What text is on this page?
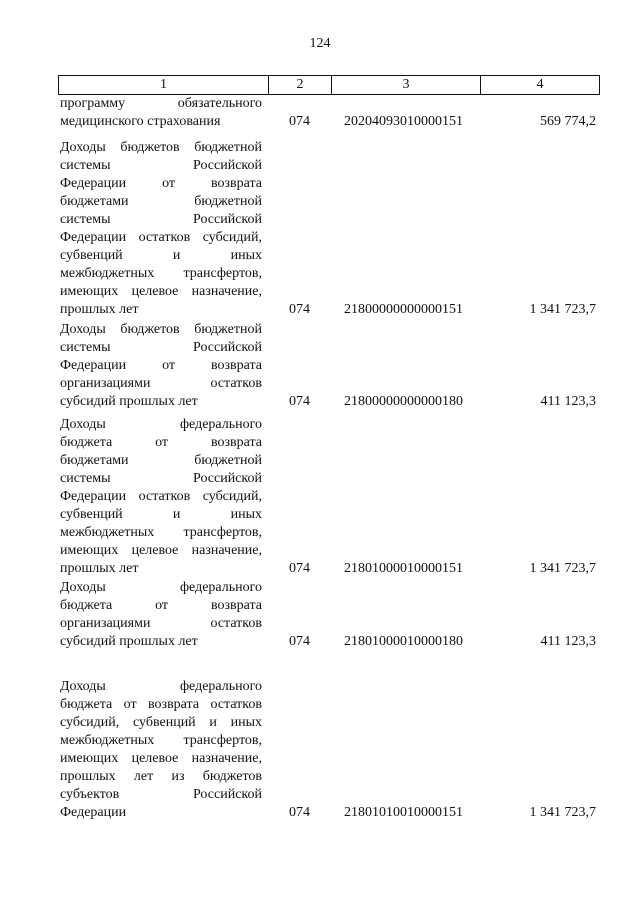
124
1	2	3	4
программу обязательного
медицинского страхования	074 20204093010000151	569 774,2
Доходы бюджетов бюджетной
системы Российской
Федерации от возврата
бюджетами бюджетной
системы Российской
Федерации остатков субсидий,
субвенций и иных
межбюджетных трансфертов,
имеющих целевое назначение,
прошлых лет	074 21800000000000151	1 341 723,7
Доходы бюджетов бюджетной
системы Российской
Федерации от возврата
организациями остатков
субсидий прошлых лет	074 21800000000000180	411 123,3
Доходы федерального
бюджета от возврата
бюджетами бюджетной
системы Российской
Федерации остатков субсидий,
субвенций и иных
межбюджетных трансфертов,
имеющих целевое назначение,
прошлых лет	074 21801000010000151	1 341 723,7
Доходы федерального
бюджета от возврата
организациями остатков
субсидий прошлых лет	074 21801000010000180	411 123,3
Доходы федерального
бюджета от возврата остатков
субсидий, субвенций и иных
межбюджетных трансфертов,
имеющих целевое назначение,
прошлых лет из бюджетов
субъектов Российской
Федерации	074 21801010010000151	1 341 723,7
